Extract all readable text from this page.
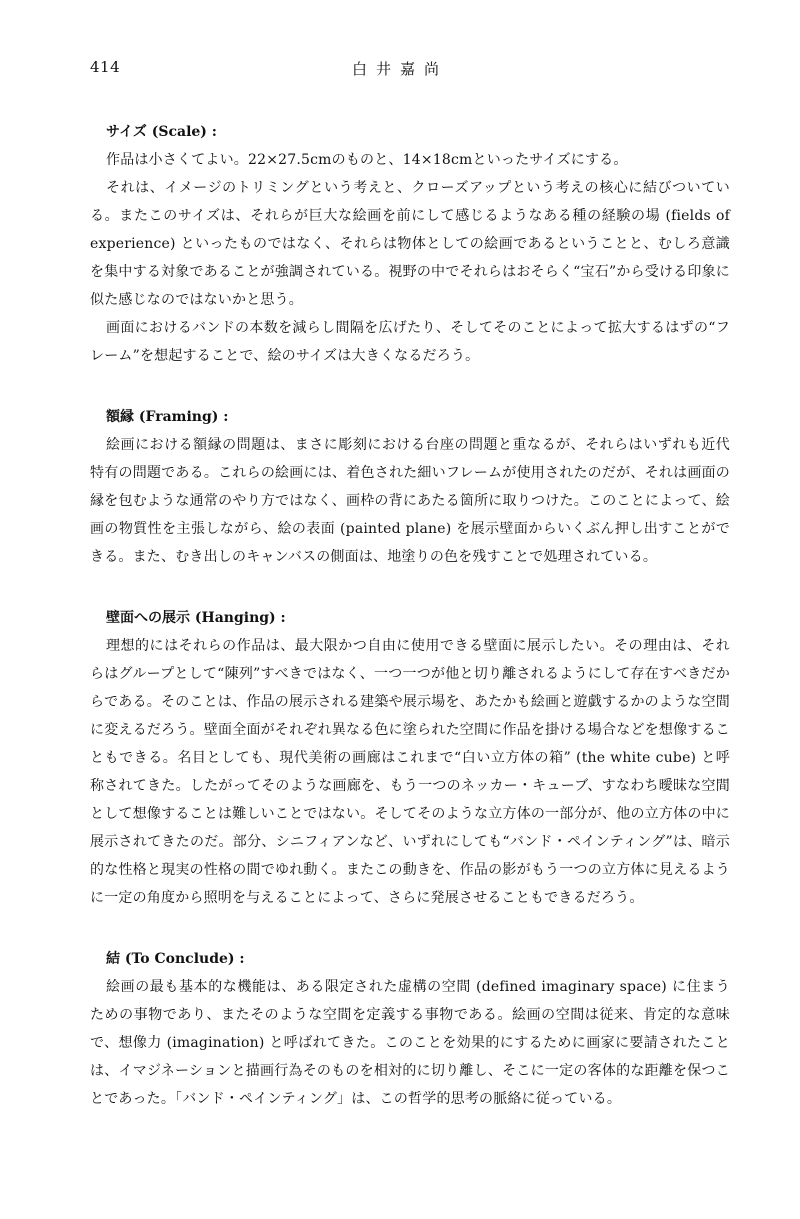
414	白井嘉尚
サイズ (Scale) :

作品は小さくてよい。22×27.5cmのものと、14×18cmといったサイズにする。

それは、イメージのトリミングという考えと、クローズアップという考えの核心に結びついている。またこのサイズは、それらが巨大な絵画を前にして感じるようなある種の経験の場 (fields of experience) といったものではなく、それらは物体としての絵画であるということと、むしろ意識を集中する対象であることが強調されている。視野の中でそれらはおそらく“宝石”から受ける印象に似た感じなのではないかと思う。

画面におけるバンドの本数を減らし間隔を広げたり、そしてそのことによって拡大するはずの“フレーム”を想起することで、絵のサイズは大きくなるだろう。

額縁 (Framing) :

絵画における額縁の問題は、まさに彫刻における台座の問題と重なるが、それらはいずれも近代特有の問題である。これらの絵画には、着色された細いフレームが使用されたのだが、それは画面の縁を包むような通常のやり方ではなく、画枠の背にあたる箇所に取りつけた。このことによって、絵画の物質性を主張しながら、絵の表面 (painted plane) を展示壁面からいくぶん押し出すことができる。また、むき出しのキャンバスの側面は、地塗りの色を残すことで処理されている。

壁面への展示 (Hanging) :

理想的にはそれらの作品は、最大限かつ自由に使用できる壁面に展示したい。その理由は、それらはグループとして“陳列”すべきではなく、一つ一つが他と切り離されるようにして存在すべきだからである。そのことは、作品の展示される建築や展示場を、あたかも絵画と遊戯するかのような空間に変えるだろう。壁面全面がそれぞれ異なる色に塗られた空間に作品を掛ける場合などを想像することもできる。名目としても、現代美術の画廊はこれまで“白い立方体の箱” (the white cube) と呼称されてきた。したがってそのような画廊を、もう一つのネッカー・キューブ、すなわち曖昧な空間として想像することは難しいことではない。そしてそのような立方体の一部分が、他の立方体の中に展示されてきたのだ。部分、シニフィアンなど、いずれにしても“バンド・ペインティング”は、暗示的な性格と現実の性格の間でゆれ動く。またこの動きを、作品の影がもう一つの立方体に見えるように一定の角度から照明を与えることによって、さらに発展させることもできるだろう。

結 (To Conclude) :

絵画の最も基本的な機能は、ある限定された虚構の空間 (defined imaginary space) に住まうための事物であり、またそのような空間を定義する事物である。絵画の空間は従来、肯定的な意味で、想像力 (imagination) と呼ばれてきた。このことを効果的にするために画家に要請されたことは、イマジネーションと描画行為そのものを相対的に切り離し、そこに一定の客体的な距離を保つことであった。「バンド・ペインティング」は、この哲学的思考の脈絡に従っている。
